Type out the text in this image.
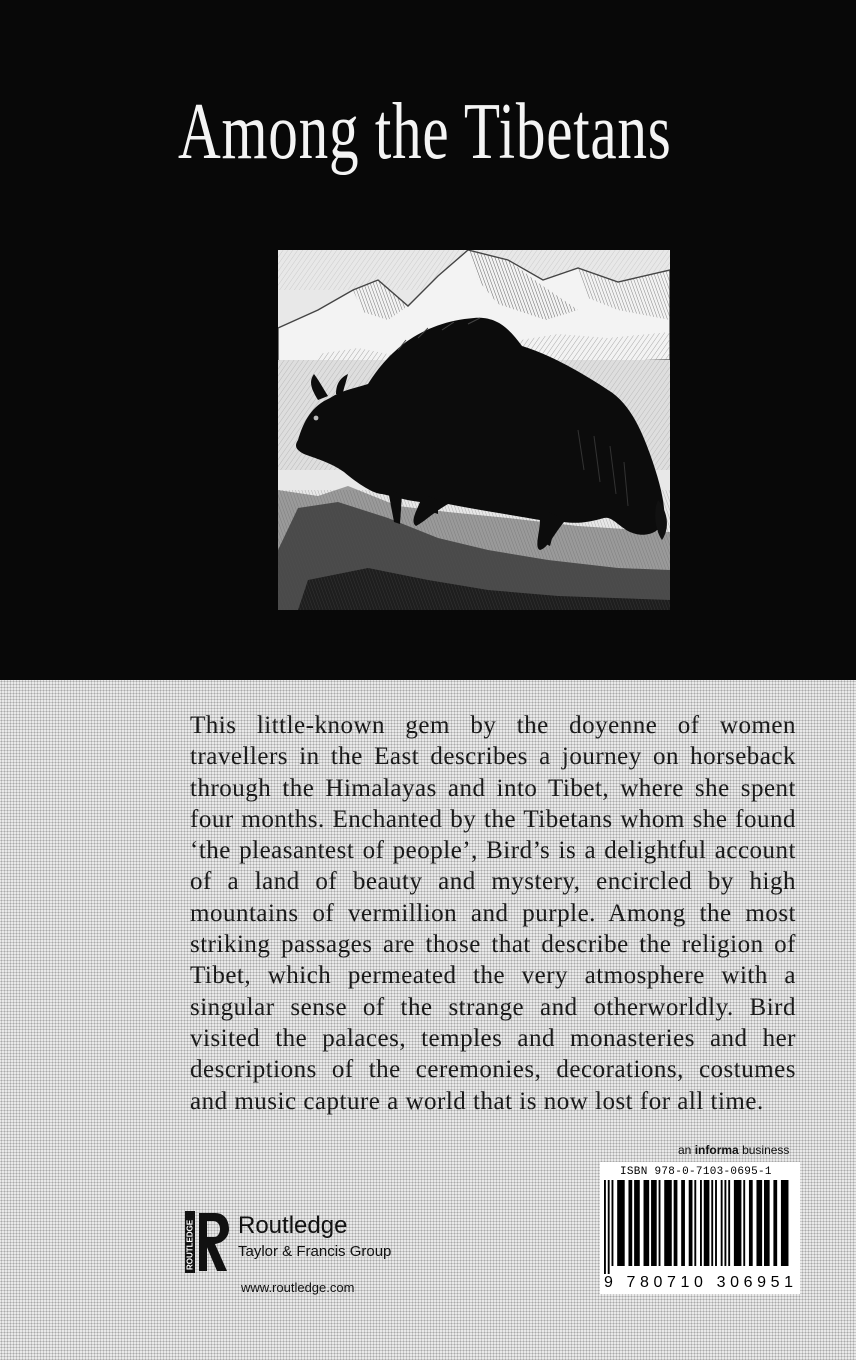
Among the Tibetans

This little-known gem by the doyenne of women travellers in the East describes a journey on horseback through the Himalayas and into Tibet, where she spent four months. Enchanted by the Tibetans whom she found ‘the pleasantest of people’, Bird’s is a delightful account of a land of beauty and mystery, encircled by high mountains of vermillion and purple. Among the most striking passages are those that describe the religion of Tibet, which permeated the very atmosphere with a singular sense of the strange and otherworldly. Bird visited the palaces, temples and monasteries and her descriptions of the ceremonies, decorations, costumes and music capture a world that is now lost for all time.

an informa business
ISBN 978-0-7103-0695-1
9 780710 306951
ROUTLEDGE Routledge
Taylor & Francis Group
www.routledge.com
